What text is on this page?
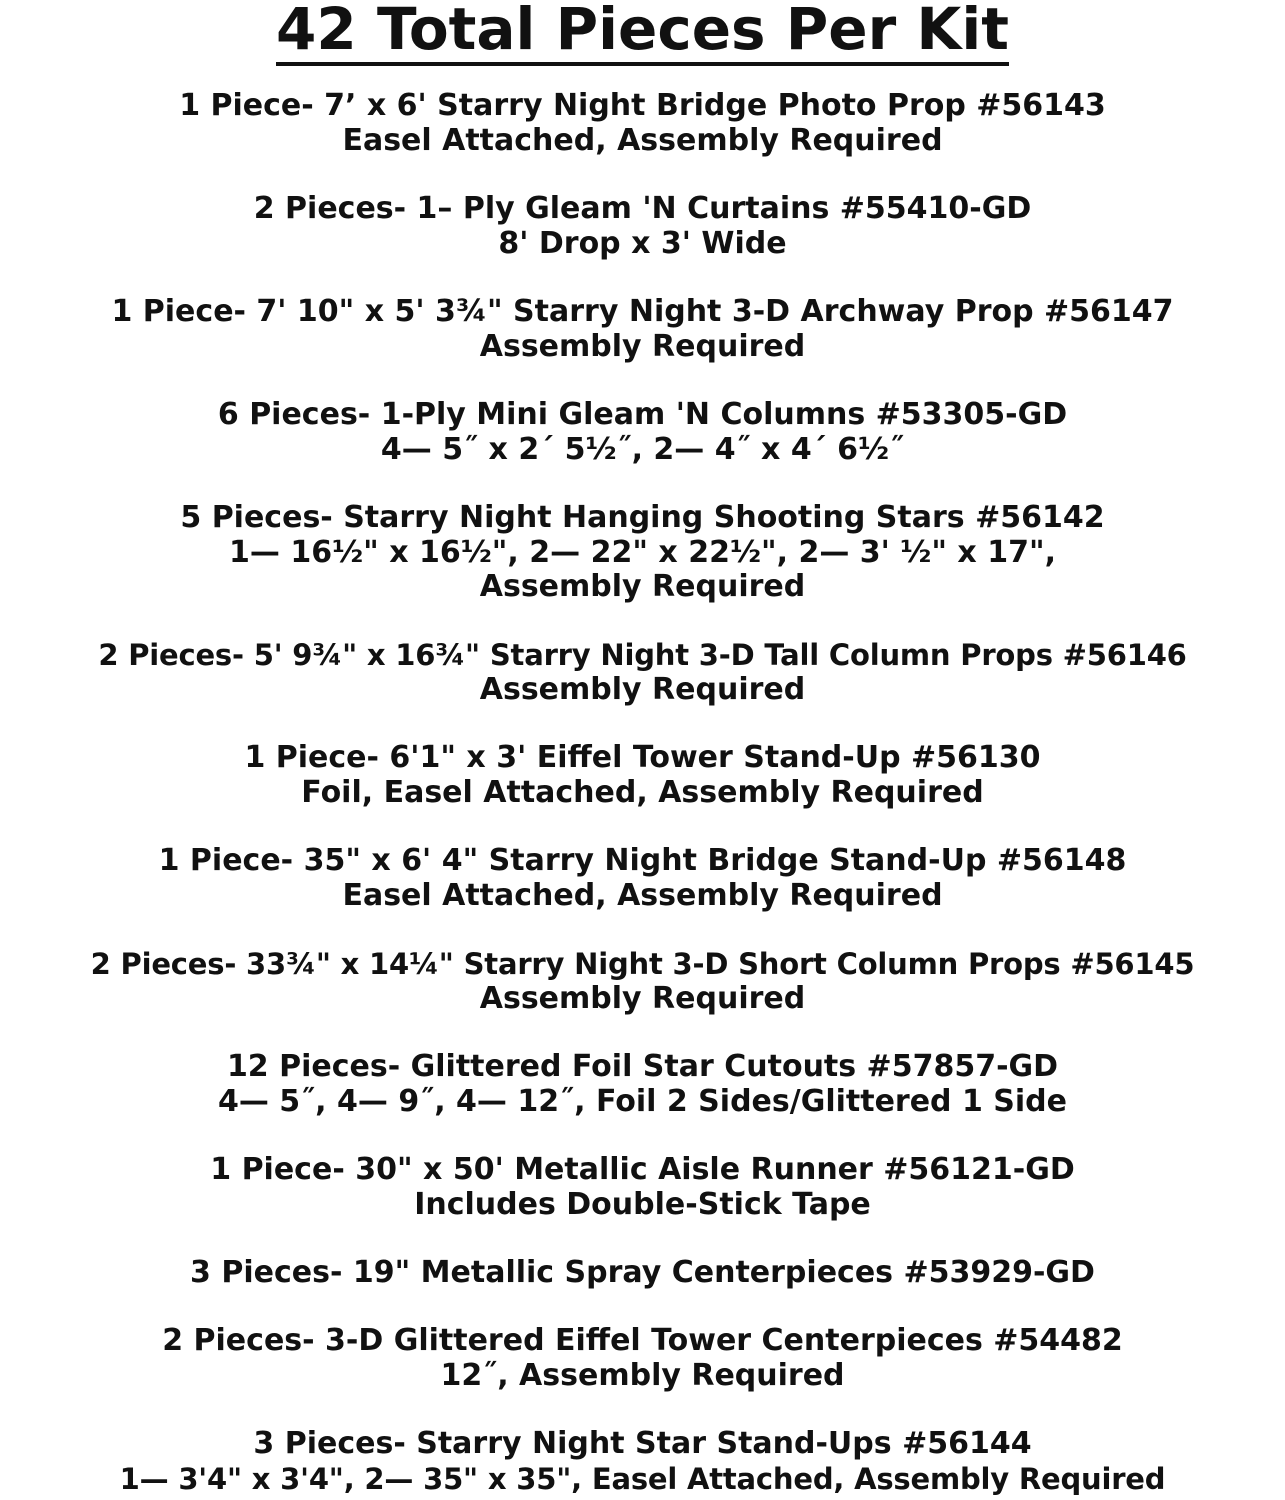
42 Total Pieces Per Kit
1 Piece- 7’ x 6' Starry Night Bridge Photo Prop #56143
Easel Attached, Assembly Required
2 Pieces- 1– Ply Gleam 'N Curtains #55410-GD
8' Drop x 3' Wide
1 Piece- 7' 10" x 5' 3¾" Starry Night 3-D Archway Prop #56147
Assembly Required
6 Pieces- 1-Ply Mini Gleam 'N Columns #53305-GD
4— 5˝ x 2´ 5½˝, 2— 4˝ x 4´ 6½˝
5 Pieces- Starry Night Hanging Shooting Stars #56142
1— 16½" x 16½", 2— 22" x 22½", 2— 3' ½" x 17",
Assembly Required
2 Pieces- 5' 9¾" x 16¾" Starry Night 3-D Tall Column Props #56146
Assembly Required
1 Piece- 6'1" x 3' Eiffel Tower Stand-Up #56130
Foil, Easel Attached, Assembly Required
1 Piece- 35" x 6' 4" Starry Night Bridge Stand-Up #56148
Easel Attached, Assembly Required
2 Pieces- 33¾" x 14¼" Starry Night 3-D Short Column Props #56145
Assembly Required
12 Pieces- Glittered Foil Star Cutouts #57857-GD
4— 5˝, 4— 9˝, 4— 12˝, Foil 2 Sides/Glittered 1 Side
1 Piece- 30" x 50' Metallic Aisle Runner #56121-GD
Includes Double-Stick Tape
3 Pieces- 19" Metallic Spray Centerpieces #53929-GD
2 Pieces- 3-D Glittered Eiffel Tower Centerpieces #54482
12˝, Assembly Required
3 Pieces- Starry Night Star Stand-Ups #56144
1— 3'4" x 3'4", 2— 35" x 35", Easel Attached, Assembly Required
